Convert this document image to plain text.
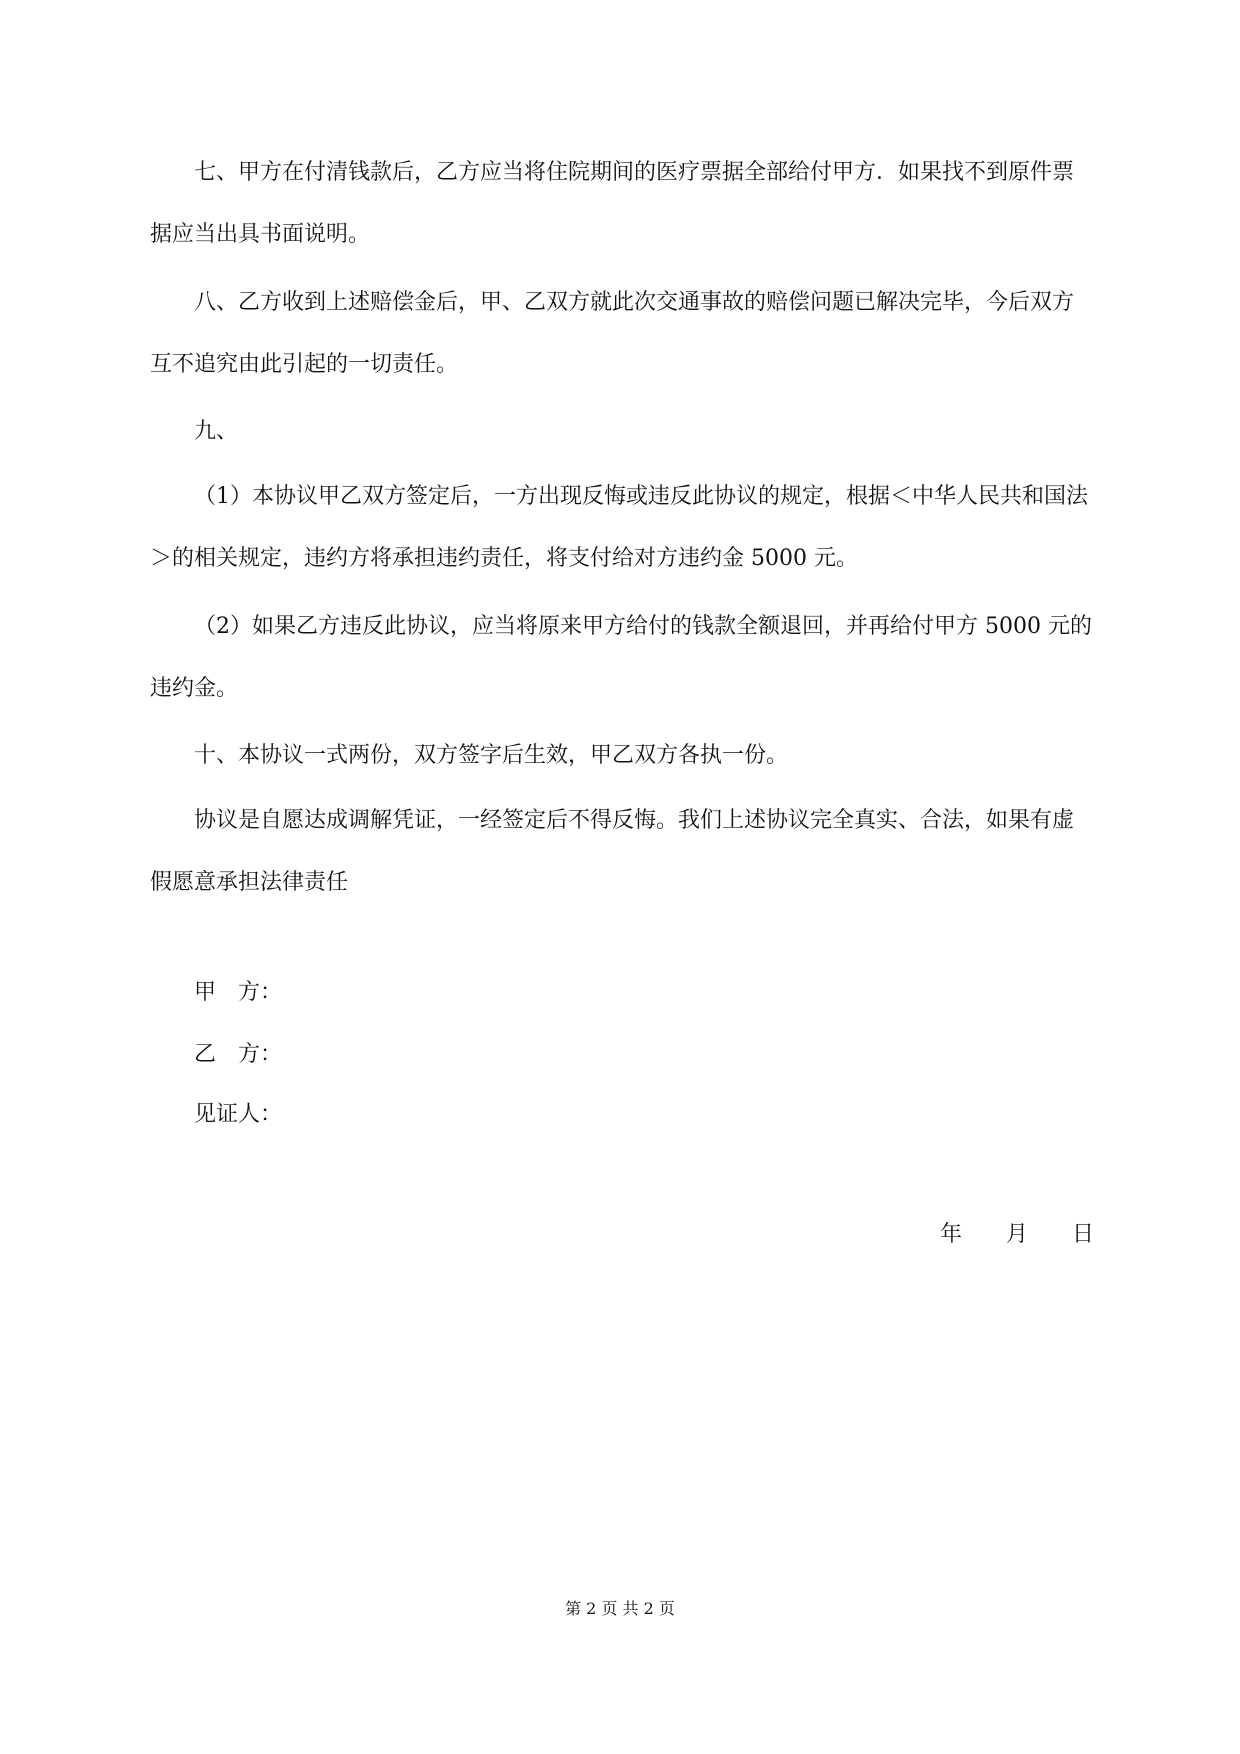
七、甲方在付清钱款后，乙方应当将住院期间的医疗票据全部给付甲方．如果找不到原件票据应当出具书面说明。

八、乙方收到上述赔偿金后，甲、乙双方就此次交通事故的赔偿问题已解决完毕，今后双方互不追究由此引起的一切责任。

九、

（1）本协议甲乙双方签定后，一方出现反悔或违反此协议的规定，根据＜中华人民共和国法＞的相关规定，违约方将承担违约责任，将支付给对方违约金 5000 元。

（2）如果乙方违反此协议，应当将原来甲方给付的钱款全额退回，并再给付甲方 5000 元的违约金。

十、本协议一式两份，双方签字后生效，甲乙双方各执一份。

协议是自愿达成调解凭证，一经签定后不得反悔。我们上述协议完全真实、合法，如果有虚假愿意承担法律责任

甲　方：

乙　方：

见证人：

年　　月　　日
第 2 页 共 2 页
